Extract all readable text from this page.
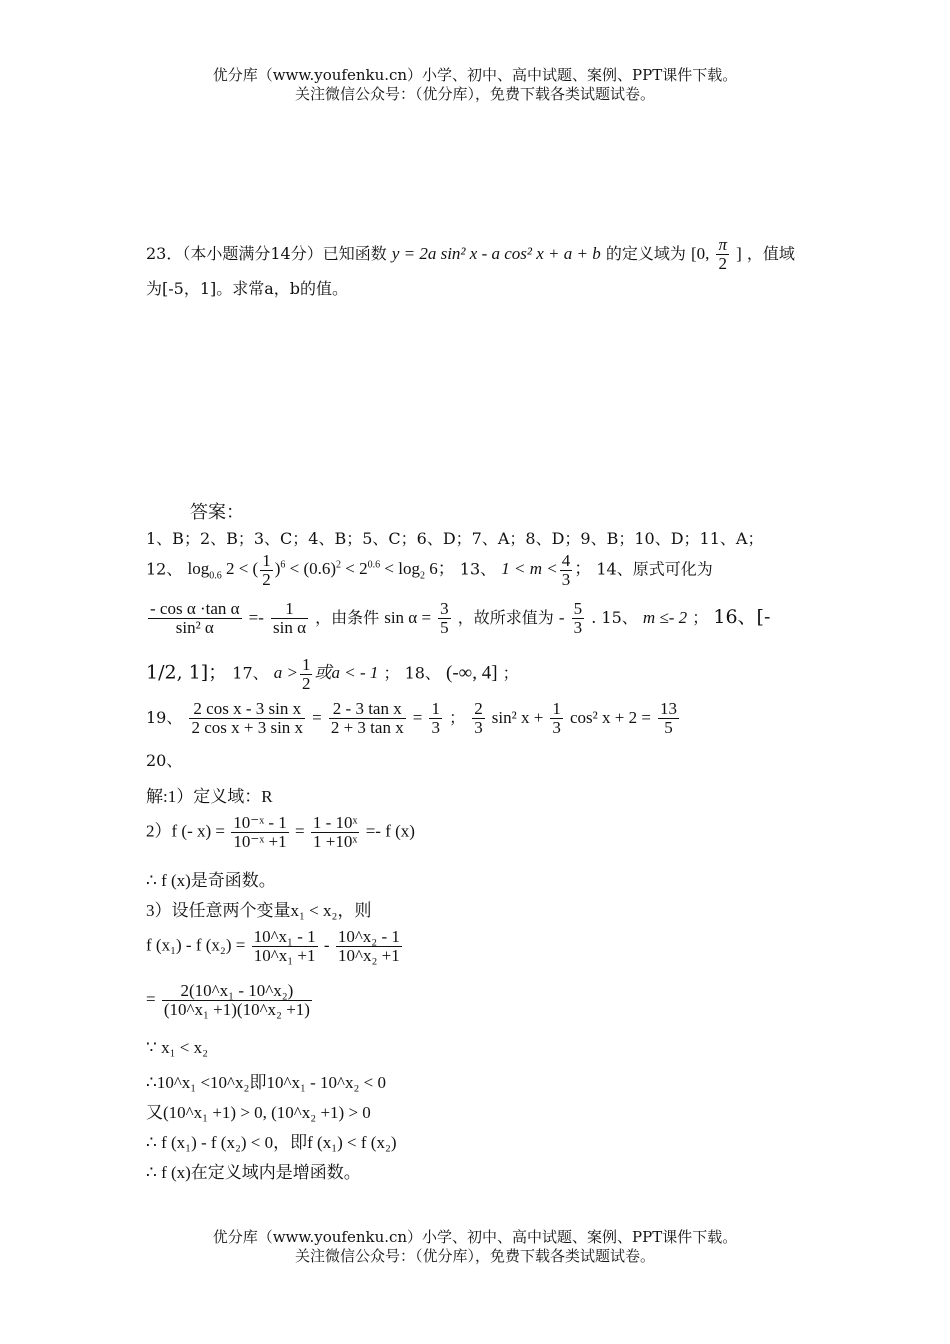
优分库（www.youfenku.cn）小学、初中、高中试题、案例、PPT课件下载。
关注微信公众号：（优分库），免费下载各类试题试卷。
23．（本小题满分14分）已知函数 y = 2a sin² x - a cos² x + a + b 的定义域为 [0, $\frac{\pi}{2}$ ] ，值域
为[-5，1]。求常a，b的值。
答案：
1、B；2、B；3、C；4、B；5、C；6、D；7、A；8、D；9、B；10、D；11、A；
12、 $\log_{0.6} 2$ < ( $\frac{1}{2} )^6 < (0.6)^2 < 2^{0.6} < \log_2 6$； 13、 $1 < m < \frac{4}{3}$ ； 14、原式可化为
$\frac{\text{- cos α ·tan α}}{\text{sin² α}} =- \frac{1}{\text{sin α}}$ ，由条件 $\sin \alpha = \frac{3}{5}$ ，故所求值为 - $\frac{5}{3}$ . 15、 m ≤- 2 ； 16、[-
1/2, 1]； 17、 $a > \frac{1}{2}$ 或a < - 1 ； 18、 (-∞, 4] ；
19、 $\frac{\text{2 cos x - 3 sin x}}{\text{2 cos x + 3 sin x}} = \frac{\text{2 - 3 tan x}}{\text{2 + 3 tan x}} = \frac{1}{3}$ ； $\frac{2}{3} \sin^2$ $x + \frac{1}{3} \cos^2$ $x + 2 = \frac{13}{5}$
20、
解:1）定义域：R
2）f (- $x) = \frac{\text{10⁻ˣ - 1}}{\text{10⁻ˣ +1}} = \frac{\text{1 - 10ˣ}}{\text{1 +10ˣ}} =- f$ (x)
∴ f (x)是奇函数。
3）设任意两个变量x₁ < x₂，则
f (x₁) - f $(x_2) = \frac{\text{10\textasciicircum{}x₁ - 1}}{\text{10\textasciicircum{}x₁ +1}} - \frac{\text{10\textasciicircum{}x₂ - 1}}{\text{10\textasciicircum{}x₂ +1}}$
= $\frac{\text{2(10\textasciicircum{}x₁ - 10\textasciicircum{}x₂)}}{\text{(10\textasciicircum{}x₁ +1)(10\textasciicircum{}x₂ +1)}}$
∵ x₁ < x₂
∴10^x₁ <10^x₂即10^x₁ - 10^x₂ < 0
又(10^x₁ +1) > 0, (10^x₂ +1) > 0
∴ f (x₁) - f (x₂) < 0，即f (x₁) < f (x₂)
∴ f (x)在定义域内是增函数。
优分库（www.youfenku.cn）小学、初中、高中试题、案例、PPT课件下载。
关注微信公众号：（优分库），免费下载各类试题试卷。
